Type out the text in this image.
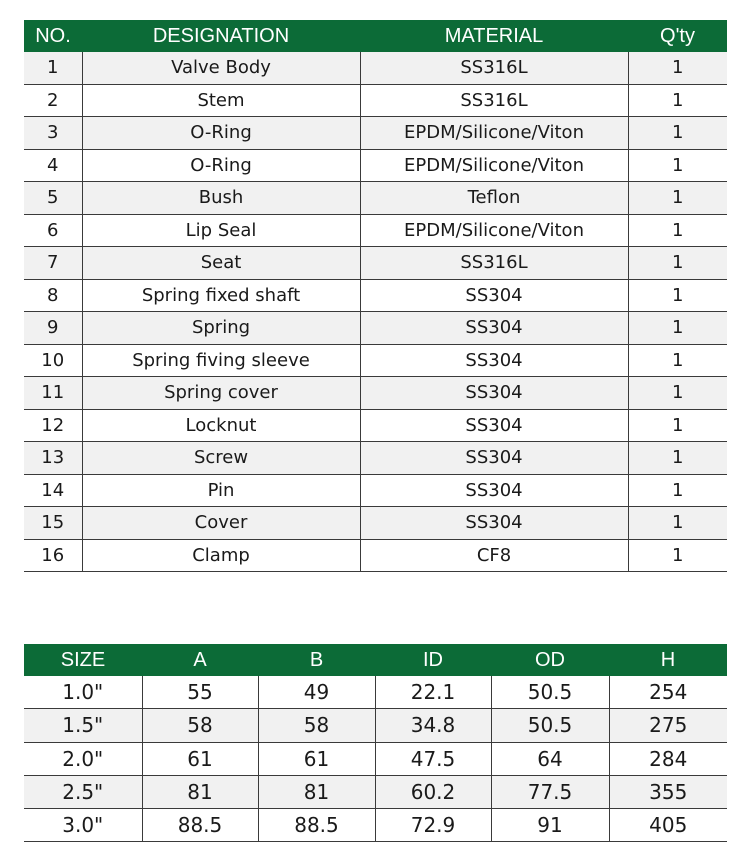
NO.	DESIGNATION	MATERIAL	Q'ty
1	Valve Body	SS316L	1
2	Stem	SS316L	1
3	O-Ring	EPDM/Silicone/Viton	1
4	O-Ring	EPDM/Silicone/Viton	1
5	Bush	Teflon	1
6	Lip Seal	EPDM/Silicone/Viton	1
7	Seat	SS316L	1
8	Spring fixed shaft	SS304	1
9	Spring	SS304	1
10	Spring fiving sleeve	SS304	1
11	Spring cover	SS304	1
12	Locknut	SS304	1
13	Screw	SS304	1
14	Pin	SS304	1
15	Cover	SS304	1
16	Clamp	CF8	1
SIZE	A	B	ID	OD	H
1.0"	55	49	22.1	50.5	254
1.5"	58	58	34.8	50.5	275
2.0"	61	61	47.5	64	284
2.5"	81	81	60.2	77.5	355
3.0"	88.5	88.5	72.9	91	405
